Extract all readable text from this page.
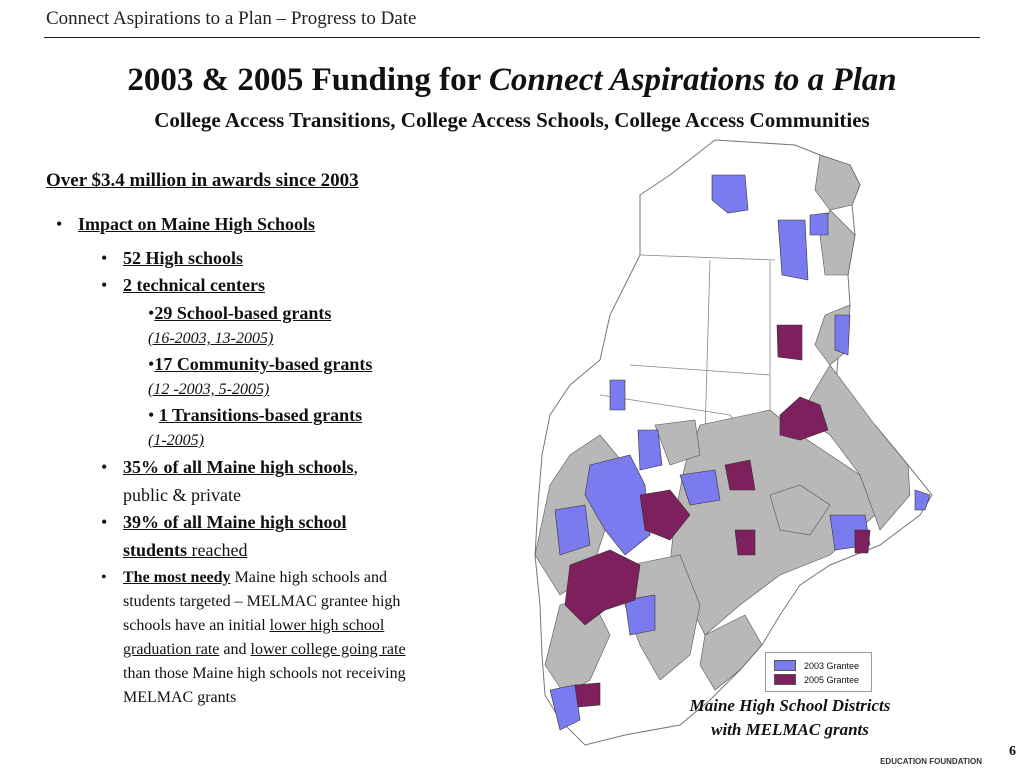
Connect Aspirations to a Plan – Progress to Date
2003 & 2005 Funding for Connect Aspirations to a Plan
College Access Transitions, College Access Schools, College Access Communities
Over $3.4 million in awards since 2003
• Impact on Maine High Schools
• 52 High schools
• 2 technical centers
•29 School-based grants
(16-2003, 13-2005)
•17 Community-based grants
(12 -2003, 5-2005)
• 1 Transitions-based grants
(1-2005)
• 35% of all Maine high schools,
public & private
• 39% of all Maine high school
students reached
• The most needy Maine high schools and
students targeted – MELMAC grantee high
schools have an initial lower high school
graduation rate and lower college going rate
than those Maine high schools not receiving
MELMAC grants
2003 Grantee
2005 Grantee
Maine High School Districts
with MELMAC grants
6
EDUCATION FOUNDATION
